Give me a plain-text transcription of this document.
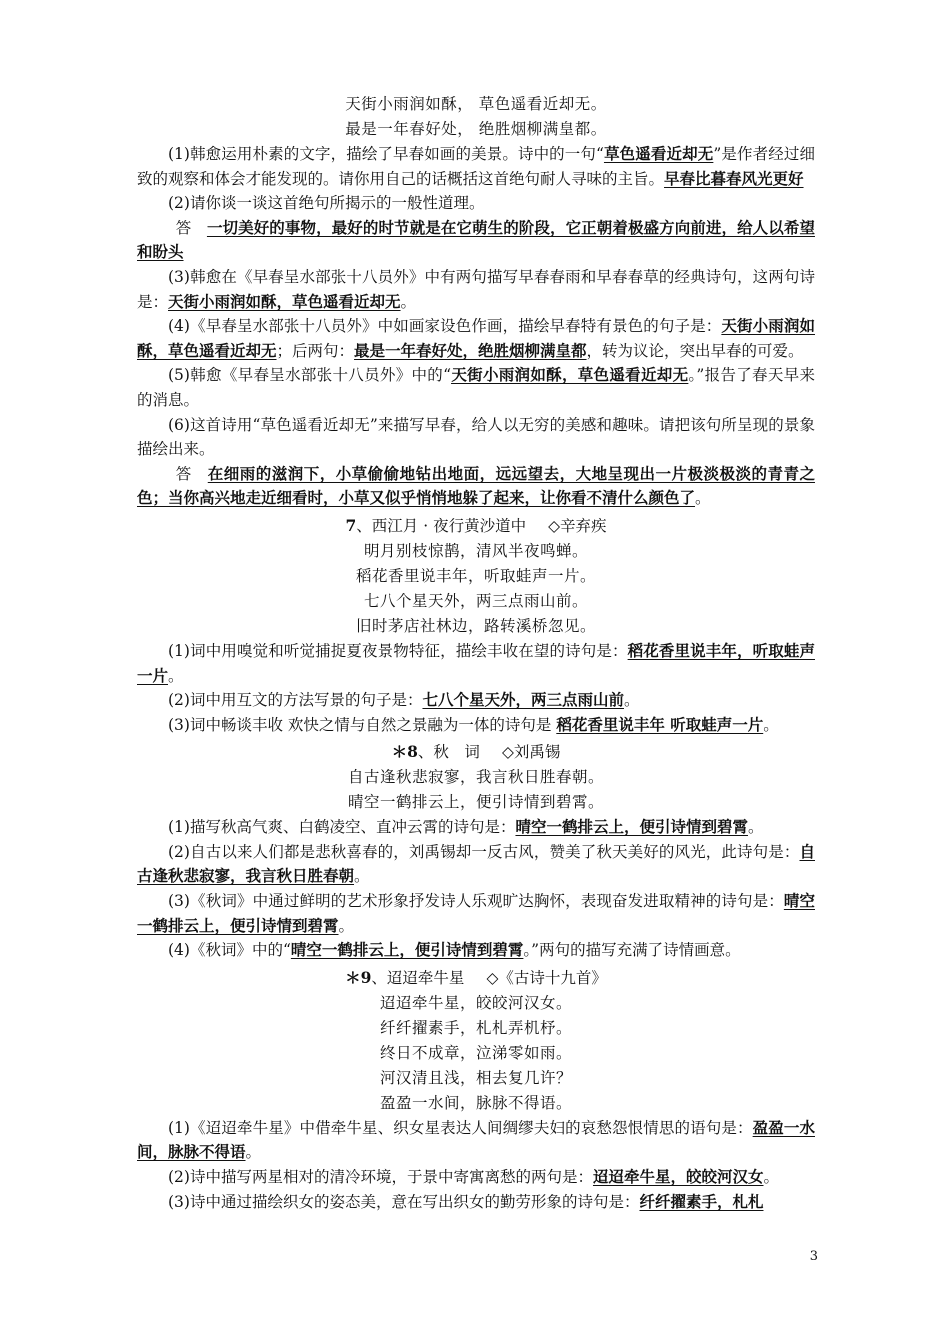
天街小雨润如酥， 草色遥看近却无。
最是一年春好处， 绝胜烟柳满皇都。
(1)韩愈运用朴素的文字，描绘了早春如画的美景。诗中的一句“草色遥看近却无”是作者经过细致的观察和体会才能发现的。请你用自己的话概括这首绝句耐人寻味的主旨。早春比暮春风光更好
(2)请你谈一谈这首绝句所揭示的一般性道理。
答　 一切美好的事物，最好的时节就是在它萌生的阶段，它正朝着极盛方向前进，给人以希望和盼头
(3)韩愈在《早春呈水部张十八员外》中有两句描写早春春雨和早春春草的经典诗句，这两句诗是：天街小雨润如酥，草色遥看近却无。
(4)《早春呈水部张十八员外》中如画家设色作画，描绘早春特有景色的句子是：天街小雨润如酥，草色遥看近却无；后两句：最是一年春好处，绝胜烟柳满皇都，转为议论，突出早春的可爱。
(5)韩愈《早春呈水部张十八员外》中的“天街小雨润如酥，草色遥看近却无。”报告了春天早来的消息。
(6)这首诗用“草色遥看近却无”来描写早春，给人以无穷的美感和趣味。请把该句所呈现的景象描绘出来。
答　 在细雨的滋润下，小草偷偷地钻出地面，远远望去，大地呈现出一片极淡极淡的青青之色；当你高兴地走近细看时，小草又似乎悄悄地躲了起来，让你看不清什么颜色了。
7、西江月 · 夜行黄沙道中 ◇辛弃疾
明月别枝惊鹊，清风半夜鸣蝉。
稻花香里说丰年，听取蛙声一片。
七八个星天外，两三点雨山前。
旧时茅店社林边，路转溪桥忽见。
(1)词中用嗅觉和听觉捕捉夏夜景物特征，描绘丰收在望的诗句是：稻花香里说丰年，听取蛙声一片。
(2)词中用互文的方法写景的句子是：七八个星天外，两三点雨山前。
(3)词中畅谈丰收 欢快之情与自然之景融为一体的诗句是 稻花香里说丰年 听取蛙声一片。
＊8、秋　词 ◇刘禹锡
自古逢秋悲寂寥，我言秋日胜春朝。
晴空一鹤排云上，便引诗情到碧霄。
(1)描写秋高气爽、白鹤凌空、直冲云霄的诗句是：晴空一鹤排云上，便引诗情到碧霄。
(2)自古以来人们都是悲秋喜春的，刘禹锡却一反古风，赞美了秋天美好的风光，此诗句是：自古逢秋悲寂寥，我言秋日胜春朝。
(3)《秋词》中通过鲜明的艺术形象抒发诗人乐观旷达胸怀，表现奋发进取精神的诗句是：晴空一鹤排云上，便引诗情到碧霄。
(4)《秋词》中的“晴空一鹤排云上，便引诗情到碧霄。”两句的描写充满了诗情画意。
＊9、迢迢牵牛星 ◇《古诗十九首》
迢迢牵牛星，皎皎河汉女。
纤纤擢素手，札札弄机杼。
终日不成章，泣涕零如雨。
河汉清且浅，相去复几许？
盈盈一水间，脉脉不得语。
(1)《迢迢牵牛星》中借牵牛星、织女星表达人间绸缪夫妇的哀愁怨恨情思的语句是：盈盈一水间，脉脉不得语。
(2)诗中描写两星相对的清冷环境，于景中寄寓离愁的两句是：迢迢牵牛星，皎皎河汉女。
(3)诗中通过描绘织女的姿态美，意在写出织女的勤劳形象的诗句是：纤纤擢素手，札札
3
